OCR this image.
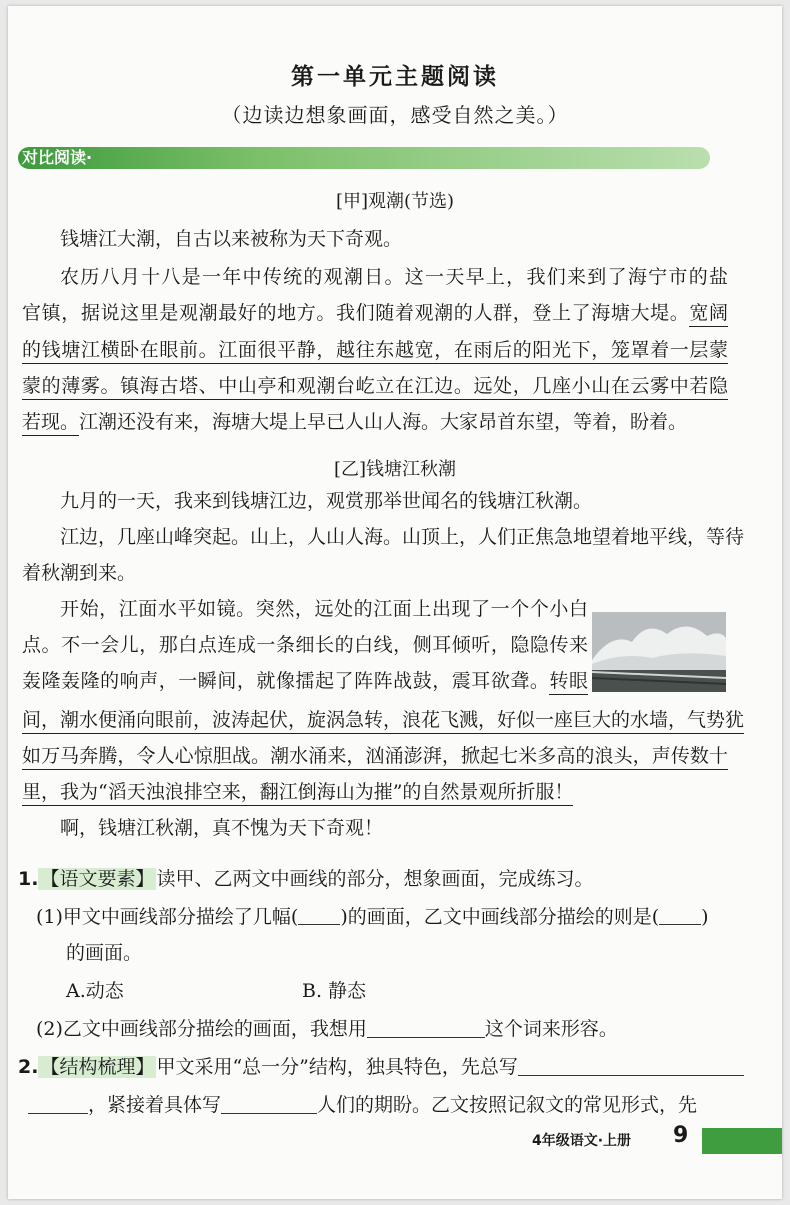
第一单元主题阅读
（边读边想象画面，感受自然之美。）
对比阅读·
[甲]观潮(节选)
钱塘江大潮，自古以来被称为天下奇观。
农历八月十八是一年中传统的观潮日。这一天早上，我们来到了海宁市的盐
官镇，据说这里是观潮最好的地方。我们随着观潮的人群，登上了海塘大堤。宽阔
的钱塘江横卧在眼前。江面很平静，越往东越宽，在雨后的阳光下，笼罩着一层蒙
蒙的薄雾。镇海古塔、中山亭和观潮台屹立在江边。远处，几座小山在云雾中若隐
若现。江潮还没有来，海塘大堤上早已人山人海。大家昂首东望，等着，盼着。
[乙]钱塘江秋潮
九月的一天，我来到钱塘江边，观赏那举世闻名的钱塘江秋潮。
江边，几座山峰突起。山上，人山人海。山顶上，人们正焦急地望着地平线，等待
着秋潮到来。
开始，江面水平如镜。突然，远处的江面上出现了一个个小白
点。不一会儿，那白点连成一条细长的白线，侧耳倾听，隐隐传来
轰隆轰隆的响声，一瞬间，就像擂起了阵阵战鼓，震耳欲聋。转眼
间，潮水便涌向眼前，波涛起伏，旋涡急转，浪花飞溅，好似一座巨大的水墙，气势犹
如万马奔腾，令人心惊胆战。潮水涌来，汹涌澎湃，掀起七米多高的浪头，声传数十
里，我为“滔天浊浪排空来，翻江倒海山为摧”的自然景观所折服！
啊，钱塘江秋潮，真不愧为天下奇观！
1. 【语文要素】 读甲、乙两文中画线的部分，想象画面，完成练习。
(1)甲文中画线部分描绘了几幅( )的画面，乙文中画线部分描绘的则是( )
的画面。
A.动态	B. 静态
(2)乙文中画线部分描绘的画面，我想用	这个词来形容。
2. 【结构梳理】 甲文采用“总一分”结构，独具特色，先总写
，紧接着具体写	人们的期盼。乙文按照记叙文的常见形式，先
4年级语文·上册 9
